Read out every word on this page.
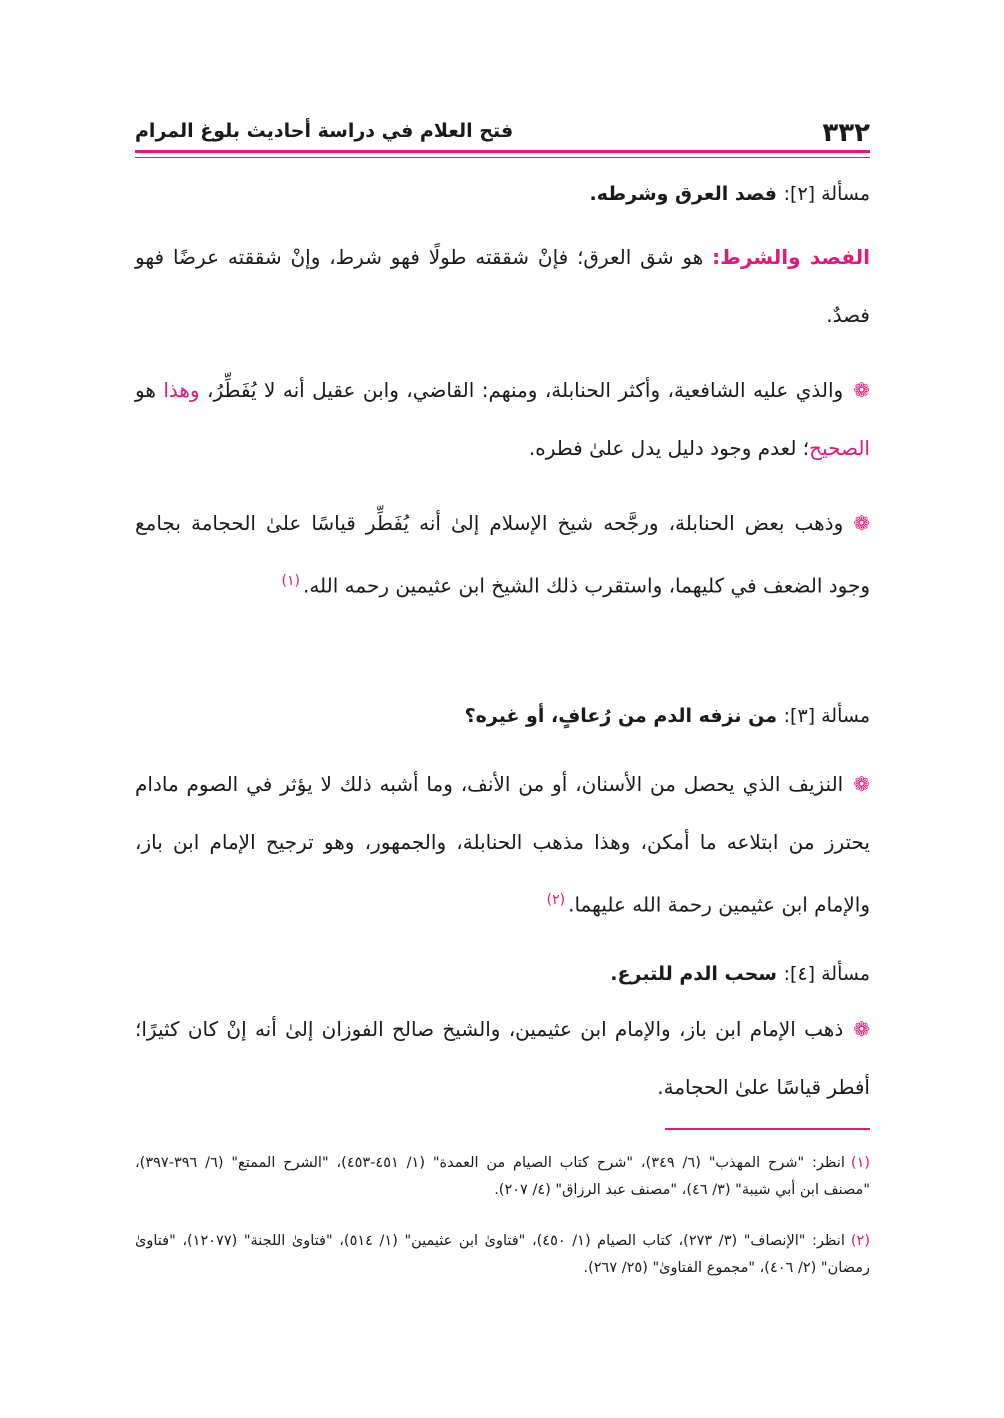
٣٣٢
فتح العلام في دراسة أحاديث بلوغ المرام
مسألة [٢]: فصد العرق وشرطه.
الفصد والشرط: هو شق العرق؛ فإنْ شققته طولًا فهو شرط، وإنْ شققته عرضًا فهو فصدٌ.
❁والذي عليه الشافعية، وأكثر الحنابلة، ومنهم: القاضي، وابن عقيل أنه لا يُفَطِّرُ، وهذا هو الصحيح؛ لعدم وجود دليل يدل علىٰ فطره.
❁وذهب بعض الحنابلة، ورجَّحه شيخ الإسلام إلىٰ أنه يُفَطِّر قياسًا علىٰ الحجامة بجامع وجود الضعف في كليهما، واستقرب ذلك الشيخ ابن عثيمين رحمه الله.$^{(١)}$
مسألة [٣]: من نزفه الدم من رُعافٍ، أو غيره؟
❁النزيف الذي يحصل من الأسنان، أو من الأنف، وما أشبه ذلك لا يؤثر في الصوم مادام يحترز من ابتلاعه ما أمكن، وهذا مذهب الحنابلة، والجمهور، وهو ترجيح الإمام ابن باز، والإمام ابن عثيمين رحمة الله عليهما.$^{(٢)}$
مسألة [٤]: سحب الدم للتبرع.
❁ذهب الإمام ابن باز، والإمام ابن عثيمين، والشيخ صالح الفوزان إلىٰ أنه إنْ كان كثيرًا؛ أفطر قياسًا علىٰ الحجامة.
(١)انظر: "شرح المهذب" (٦/ ٣٤٩)، "شرح كتاب الصيام من العمدة" (١/ ٤٥١-٤٥٣)، "الشرح الممتع" (٦/ ٣٩٦-٣٩٧)، "مصنف ابن أبي شيبة" (٣/ ٤٦)، "مصنف عبد الرزاق" (٤/ ٢٠٧).
(٢)انظر: "الإنصاف" (٣/ ٢٧٣)، كتاب الصيام (١/ ٤٥٠)، "فتاوىٰ ابن عثيمين" (١/ ٥١٤)، "فتاوىٰ اللجنة" (١٢٠٧٧)، "فتاوىٰ رمضان" (٢/ ٤٠٦)، "مجموع الفتاوىٰ" (٢٥/ ٢٦٧).
